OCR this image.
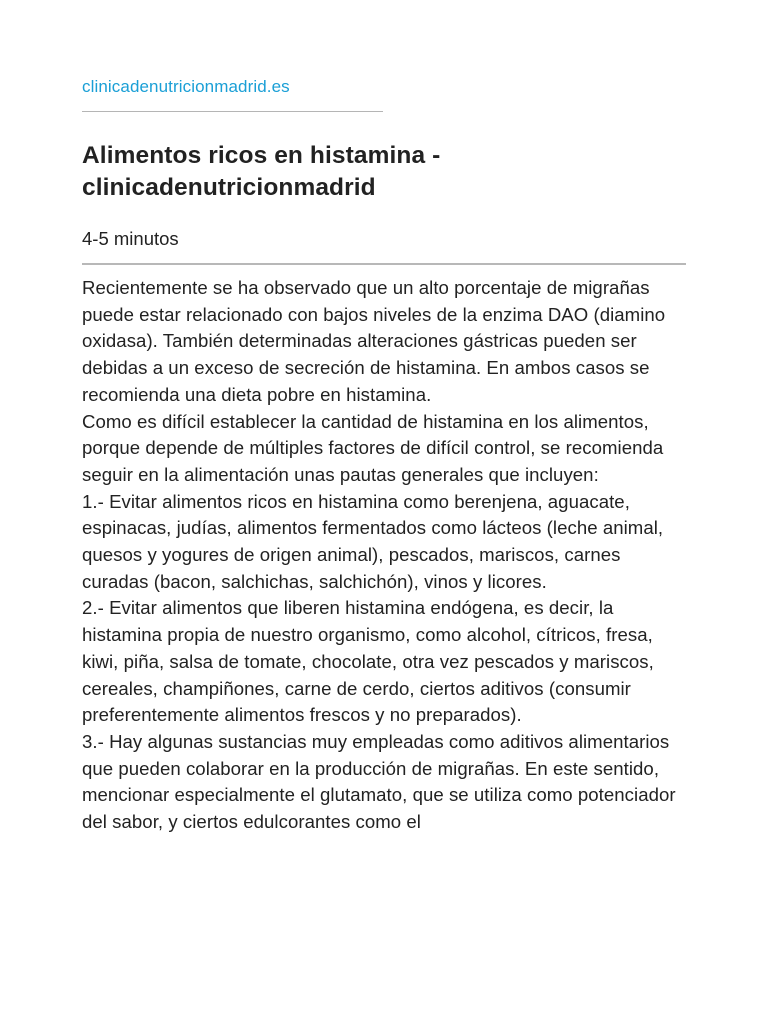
clinicadenutricionmadrid.es
Alimentos ricos en histamina - clinicadenutricionmadrid
4-5 minutos

Recientemente se ha observado que un alto porcentaje de migrañas puede estar relacionado con bajos niveles de la enzima DAO (diamino oxidasa). También determinadas alteraciones gástricas pueden ser debidas a un exceso de secreción de histamina. En ambos casos se recomienda una dieta pobre en histamina.

Como es difícil establecer la cantidad de histamina en los alimentos, porque depende de múltiples factores de difícil control, se recomienda seguir en la alimentación unas pautas generales que incluyen:

1.- Evitar alimentos ricos en histamina como berenjena, aguacate, espinacas, judías, alimentos fermentados como lácteos (leche animal, quesos y yogures de origen animal), pescados, mariscos, carnes curadas (bacon, salchichas, salchichón), vinos y licores.

2.- Evitar alimentos que liberen histamina endógena, es decir, la histamina propia de nuestro organismo, como alcohol, cítricos, fresa, kiwi, piña, salsa de tomate, chocolate, otra vez pescados y mariscos, cereales, champiñones, carne de cerdo, ciertos aditivos (consumir preferentemente alimentos frescos y no preparados).

3.- Hay algunas sustancias muy empleadas como aditivos alimentarios que pueden colaborar en la producción de migrañas. En este sentido, mencionar especialmente el glutamato, que se utiliza como potenciador del sabor, y ciertos edulcorantes como el
